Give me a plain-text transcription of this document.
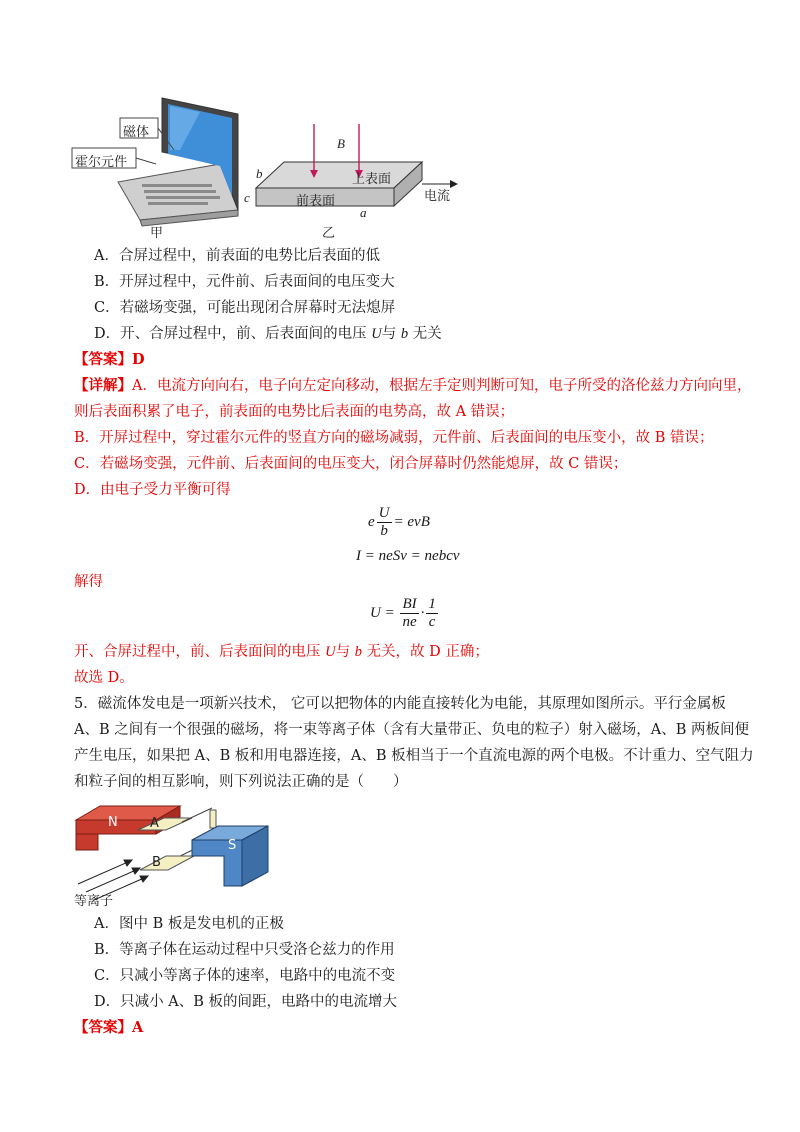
磁体
霍尔元件
甲	乙
B
上表面
前表面	电流
a
b
c
A．合屏过程中，前表面的电势比后表面的低
B．开屏过程中，元件前、后表面间的电压变大
C．若磁场变强，可能出现闭合屏幕时无法熄屏
D．开、合屏过程中，前、后表面间的电压 U与 b 无关
【答案】D
【详解】A．电流方向向右，电子向左定向移动，根据左手定则判断可知，电子所受的洛伦兹力方向向里，
则后表面积累了电子，前表面的电势比后表面的电势高，故 A 错误；
B．开屏过程中，穿过霍尔元件的竖直方向的磁场减弱，元件前、后表面间的电压变小，故 B 错误；
C．若磁场变强，元件前、后表面间的电压变大，闭合屏幕时仍然能熄屏，故 C 错误；
D．由电子受力平衡可得
e $\frac{U}{b}$ = evB
I = neSv = nebcv
解得
$U = \frac{BI}{ne} \cdot \frac{1}{c}$
开、合屏过程中，前、后表面间的电压 U与 b 无关，故 D 正确；
故选 D。
5．磁流体发电是一项新兴技术， 它可以把物体的内能直接转化为电能，其原理如图所示。平行金属板
A、B 之间有一个很强的磁场，将一束等离子体（含有大量带正、负电的粒子）射入磁场，A、B 两板间便
产生电压，如果把 A、B 板和用电器连接，A、B 板相当于一个直流电源的两个电极。不计重力、空气阻力
和粒子间的相互影响，则下列说法正确的是（　　）
N
S
A
B
等离子
A．图中 B 板是发电机的正极
B．等离子体在运动过程中只受洛仑兹力的作用
C．只减小等离子体的速率，电路中的电流不变
D．只减小 A、B 板的间距，电路中的电流增大
【答案】A
